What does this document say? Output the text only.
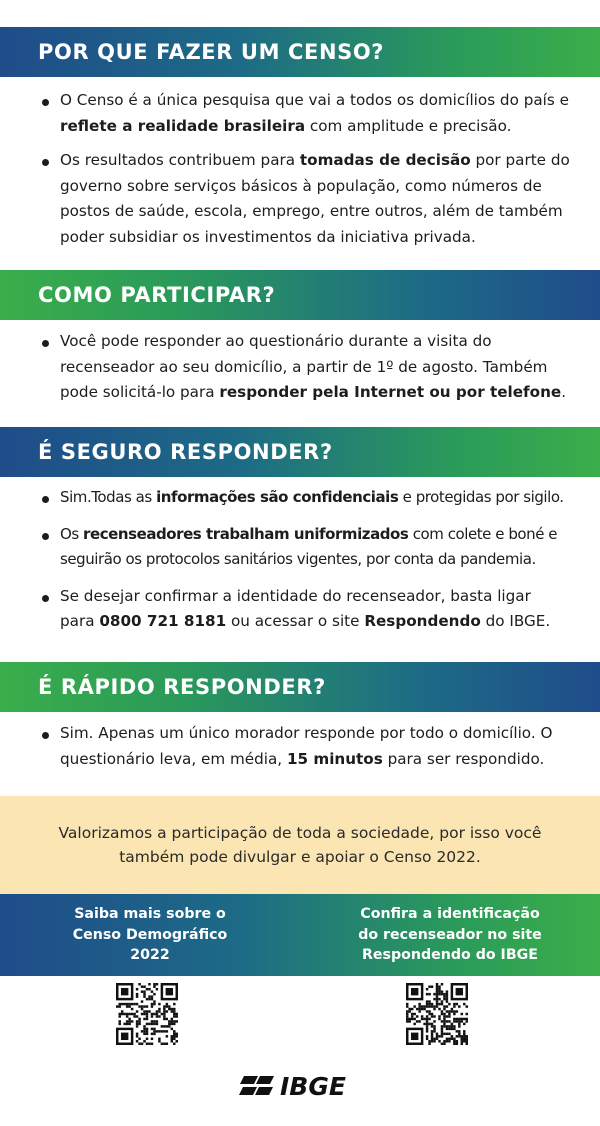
POR QUE FAZER UM CENSO?

O Censo é a única pesquisa que vai a todos os domicílios do país e reflete a realidade brasileira com amplitude e precisão.

Os resultados contribuem para tomadas de decisão por parte do governo sobre serviços básicos à população, como números de postos de saúde, escola, emprego, entre outros, além de também poder subsidiar os investimentos da iniciativa privada.

COMO PARTICIPAR?

Você pode responder ao questionário durante a visita do recenseador ao seu domicílio, a partir de 1º de agosto. Também pode solicitá-lo para responder pela Internet ou por telefone.

É SEGURO RESPONDER?

Sim.Todas as informações são confidenciais e protegidas por sigilo.

Os recenseadores trabalham uniformizados com colete e boné e seguirão os protocolos sanitários vigentes, por conta da pandemia.

Se desejar confirmar a identidade do recenseador, basta ligar para 0800 721 8181 ou acessar o site Respondendo do IBGE.

É RÁPIDO RESPONDER?

Sim. Apenas um único morador responde por todo o domicílio. O questionário leva, em média, 15 minutos para ser respondido.

Valorizamos a participação de toda a sociedade, por isso você também pode divulgar e apoiar o Censo 2022.

Saiba mais sobre o Censo Demográfico 2022
Confira a identificação do recenseador no site Respondendo do IBGE
IBGE
